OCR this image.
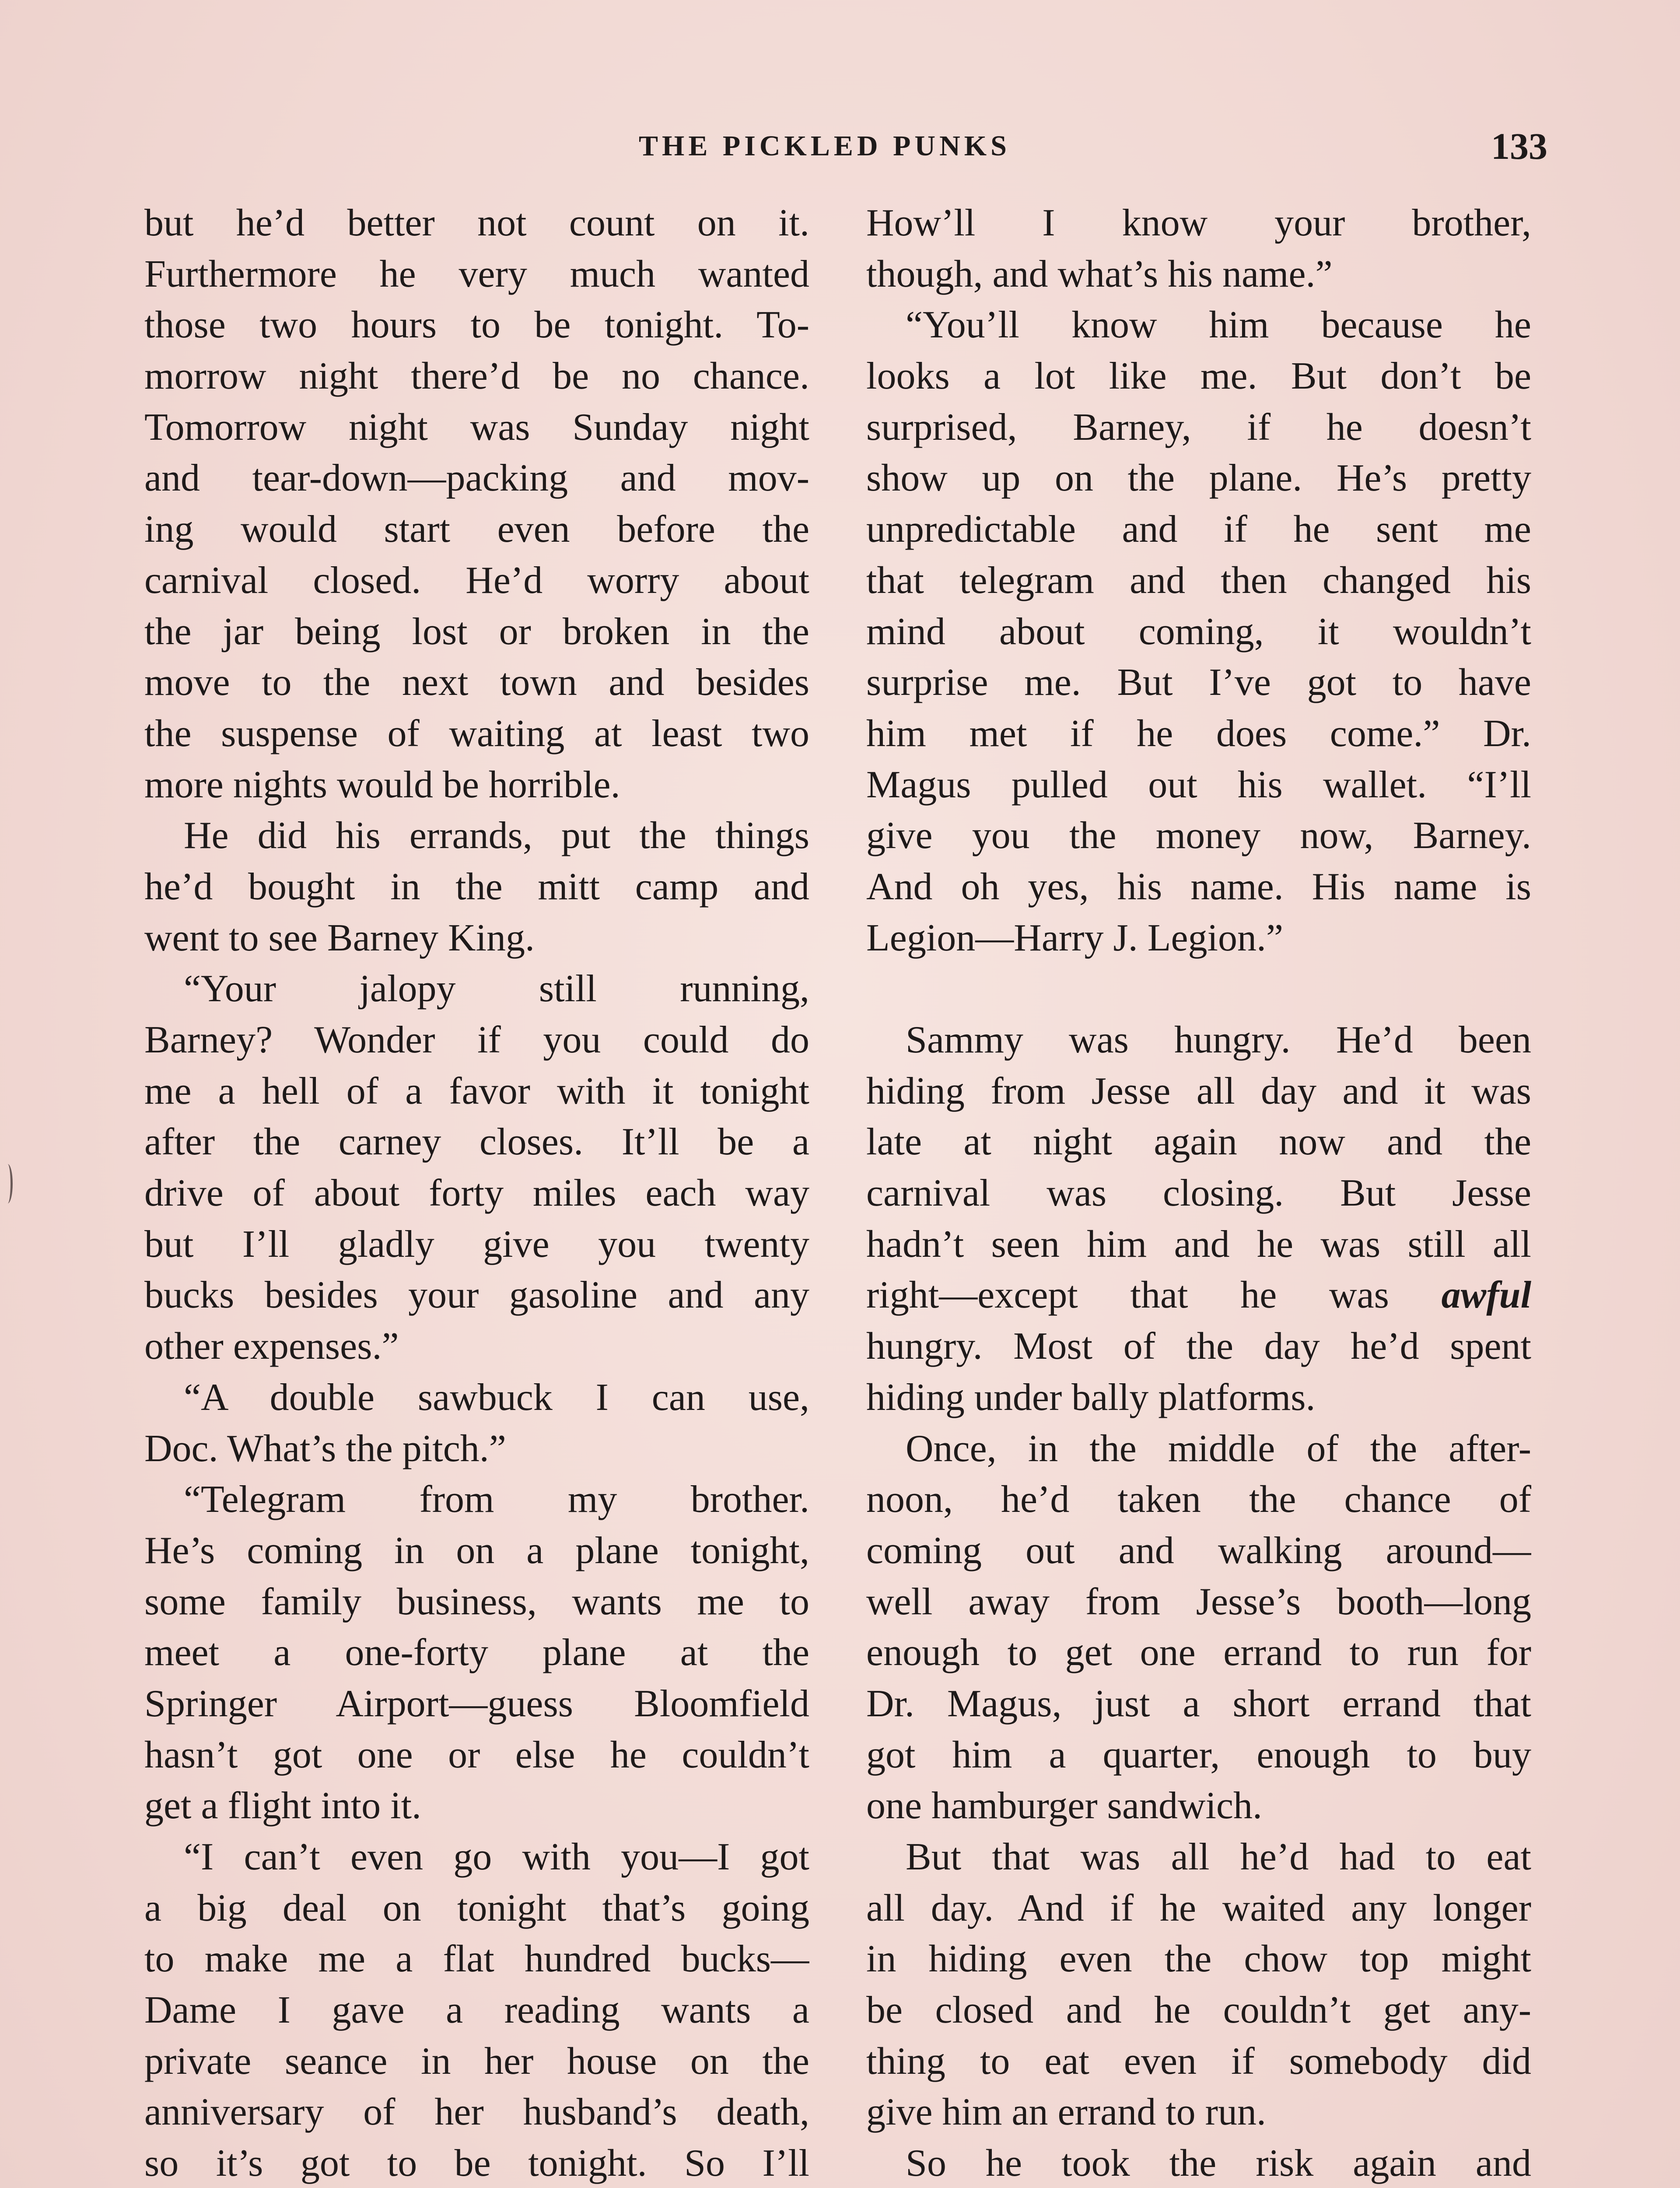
THE PICKLED PUNKS	133
but he’d better not count on it.
Furthermore he very much wanted
those two hours to be tonight. To-
morrow night there’d be no chance.
Tomorrow night was Sunday night
and tear-down—packing and mov-
ing would start even before the
carnival closed. He’d worry about
the jar being lost or broken in the
move to the next town and besides
the suspense of waiting at least two
more nights would be horrible.
He did his errands, put the things
he’d bought in the mitt camp and
went to see Barney King.
“Your jalopy still running,
Barney? Wonder if you could do
me a hell of a favor with it tonight
after the carney closes. It’ll be a
drive of about forty miles each way
but I’ll gladly give you twenty
bucks besides your gasoline and any
other expenses.”
“A double sawbuck I can use,
Doc. What’s the pitch.”
“Telegram from my brother.
He’s coming in on a plane tonight,
some family business, wants me to
meet a one-forty plane at the
Springer Airport—guess Bloomfield
hasn’t got one or else he couldn’t
get a flight into it.
“I can’t even go with you—I got
a big deal on tonight that’s going
to make me a flat hundred bucks—
Dame I gave a reading wants a
private seance in her house on the
anniversary of her husband’s death,
so it’s got to be tonight. So I’ll
How’ll I know your brother,
though, and what’s his name.”
“You’ll know him because he
looks a lot like me. But don’t be
surprised, Barney, if he doesn’t
show up on the plane. He’s pretty
unpredictable and if he sent me
that telegram and then changed his
mind about coming, it wouldn’t
surprise me. But I’ve got to have
him met if he does come.” Dr.
Magus pulled out his wallet. “I’ll
give you the money now, Barney.
And oh yes, his name. His name is
Legion—Harry J. Legion.”
Sammy was hungry. He’d been
hiding from Jesse all day and it was
late at night again now and the
carnival was closing. But Jesse
hadn’t seen him and he was still all
right—except that he was awful
hungry. Most of the day he’d spent
hiding under bally platforms.
Once, in the middle of the after-
noon, he’d taken the chance of
coming out and walking around—
well away from Jesse’s booth—long
enough to get one errand to run for
Dr. Magus, just a short errand that
got him a quarter, enough to buy
one hamburger sandwich.
But that was all he’d had to eat
all day. And if he waited any longer
in hiding even the chow top might
be closed and he couldn’t get any-
thing to eat even if somebody did
give him an errand to run.
So he took the risk again and
